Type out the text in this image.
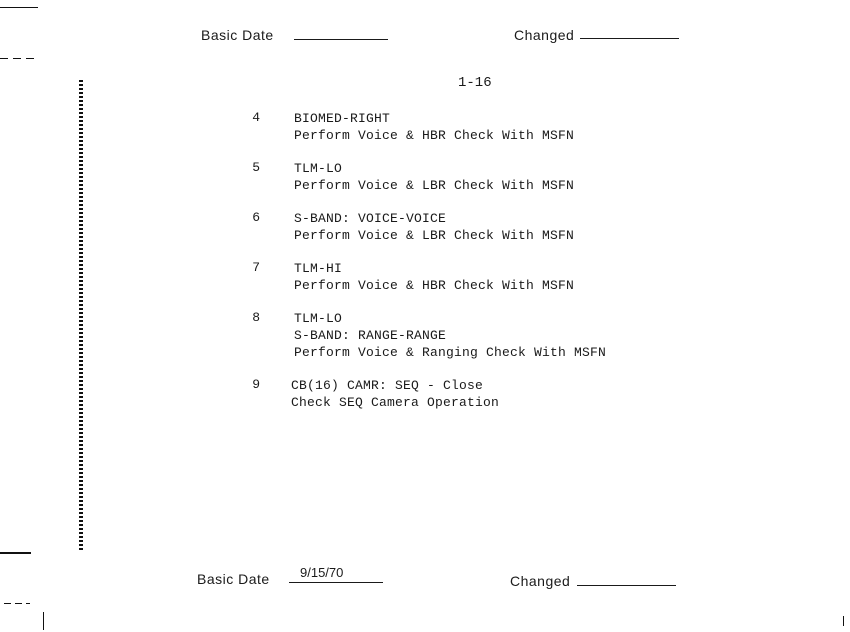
Basic Date	Changed
1-16
4	BIOMED-RIGHT
Perform Voice & HBR Check With MSFN
5	TLM-LO
Perform Voice & LBR Check With MSFN
6	S-BAND: VOICE-VOICE
Perform Voice & LBR Check With MSFN
7	TLM-HI
Perform Voice & HBR Check With MSFN
8	TLM-LO
S-BAND: RANGE-RANGE
Perform Voice & Ranging Check With MSFN
9 CB(16) CAMR: SEQ - Close
Check SEQ Camera Operation
Basic Date 9/15/70
Changed
